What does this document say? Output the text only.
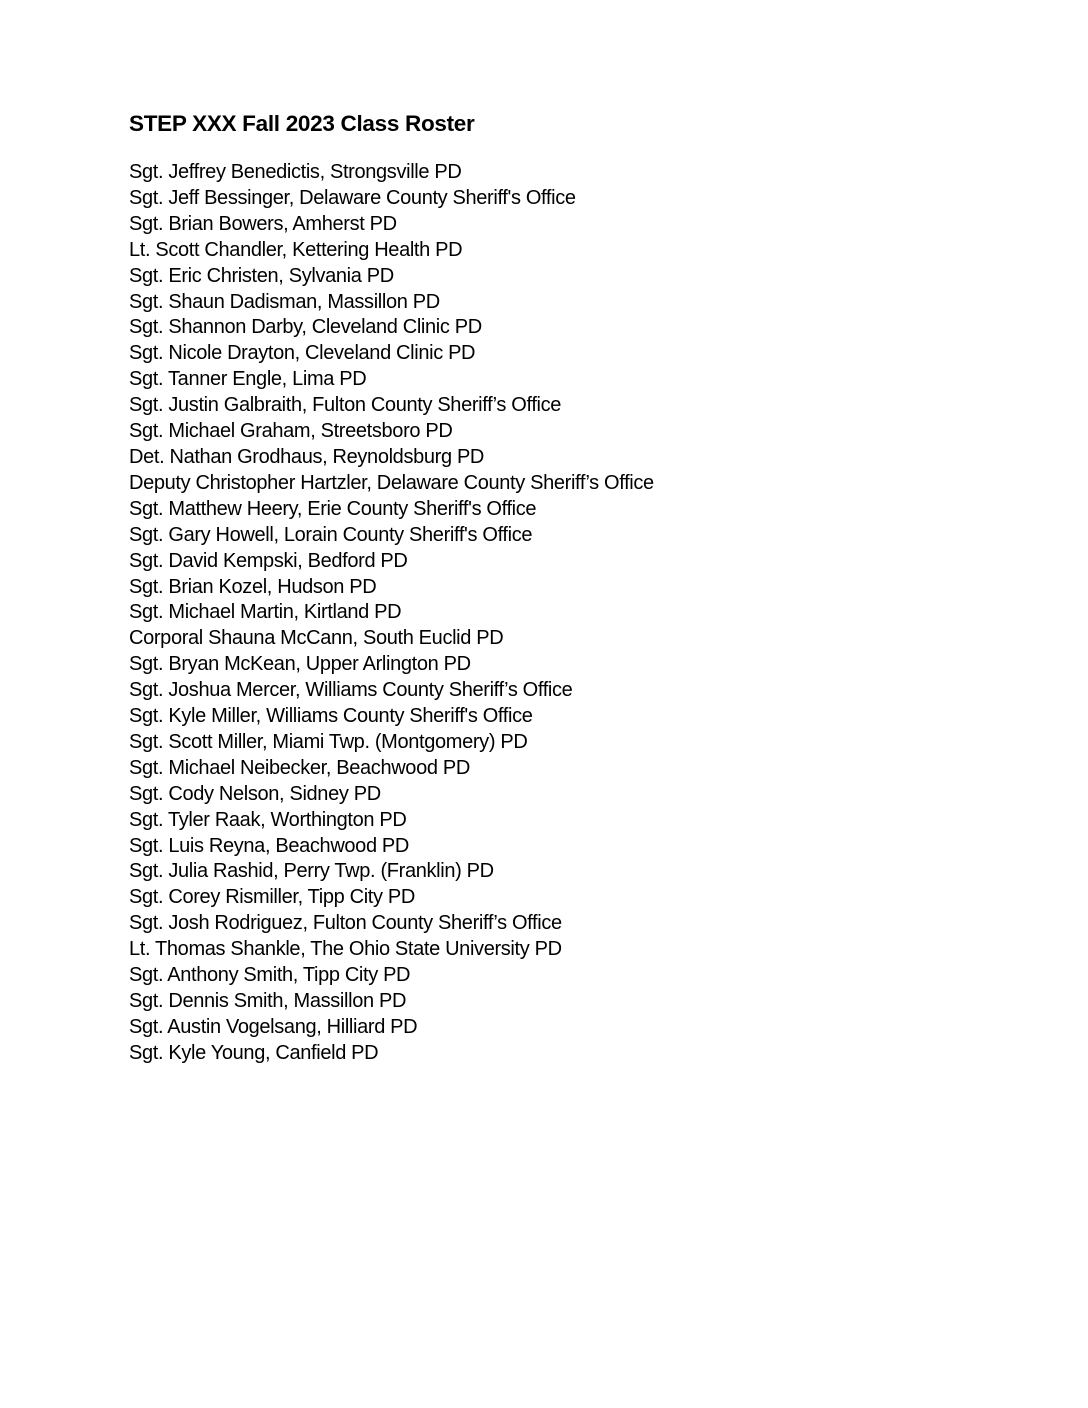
STEP XXX Fall 2023 Class Roster
Sgt. Jeffrey Benedictis, Strongsville PD
Sgt. Jeff Bessinger, Delaware County Sheriff's Office
Sgt. Brian Bowers, Amherst PD
Lt. Scott Chandler, Kettering Health PD
Sgt. Eric Christen, Sylvania PD
Sgt. Shaun Dadisman, Massillon PD
Sgt. Shannon Darby, Cleveland Clinic PD
Sgt. Nicole Drayton, Cleveland Clinic PD
Sgt. Tanner Engle, Lima PD
Sgt. Justin Galbraith, Fulton County Sheriff’s Office
Sgt. Michael Graham, Streetsboro PD
Det. Nathan Grodhaus, Reynoldsburg PD
Deputy Christopher Hartzler, Delaware County Sheriff’s Office
Sgt. Matthew Heery, Erie County Sheriff's Office
Sgt. Gary Howell, Lorain County Sheriff's Office
Sgt. David Kempski, Bedford PD
Sgt. Brian Kozel, Hudson PD
Sgt. Michael Martin, Kirtland PD
Corporal Shauna McCann, South Euclid PD
Sgt. Bryan McKean, Upper Arlington PD
Sgt. Joshua Mercer, Williams County Sheriff’s Office
Sgt. Kyle Miller, Williams County Sheriff's Office
Sgt. Scott Miller, Miami Twp. (Montgomery) PD
Sgt. Michael Neibecker, Beachwood PD
Sgt. Cody Nelson, Sidney PD
Sgt. Tyler Raak, Worthington PD
Sgt. Luis Reyna, Beachwood PD
Sgt. Julia Rashid, Perry Twp. (Franklin) PD
Sgt. Corey Rismiller, Tipp City PD
Sgt. Josh Rodriguez, Fulton County Sheriff’s Office
Lt. Thomas Shankle, The Ohio State University PD
Sgt. Anthony Smith, Tipp City PD
Sgt. Dennis Smith, Massillon PD
Sgt. Austin Vogelsang, Hilliard PD
Sgt. Kyle Young, Canfield PD
